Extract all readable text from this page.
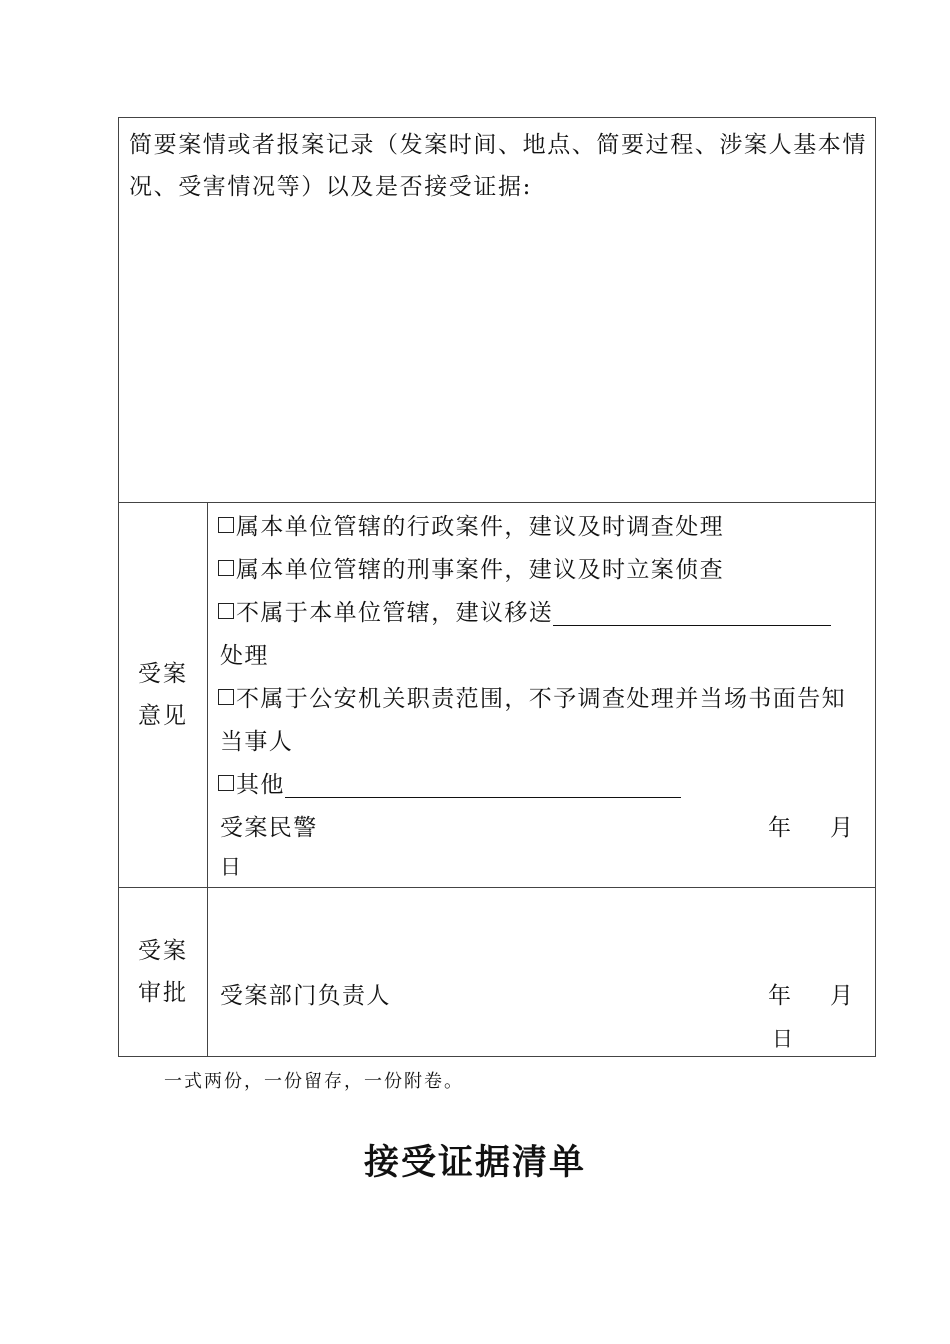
简要案情或者报案记录（发案时间、地点、简要过程、涉案人基本情况、受害情况等）以及是否接受证据:
受案意见
属本单位管辖的行政案件，建议及时调查处理
属本单位管辖的刑事案件，建议及时立案侦查
不属于本单位管辖，建议移送
处理
不属于公安机关职责范围，不予调查处理并当场书面告知
当事人
其他
受案民警	年 月
日
受案审批 受案部门负责人	年 月
日
一式两份，一份留存，一份附卷。
接受证据清单
